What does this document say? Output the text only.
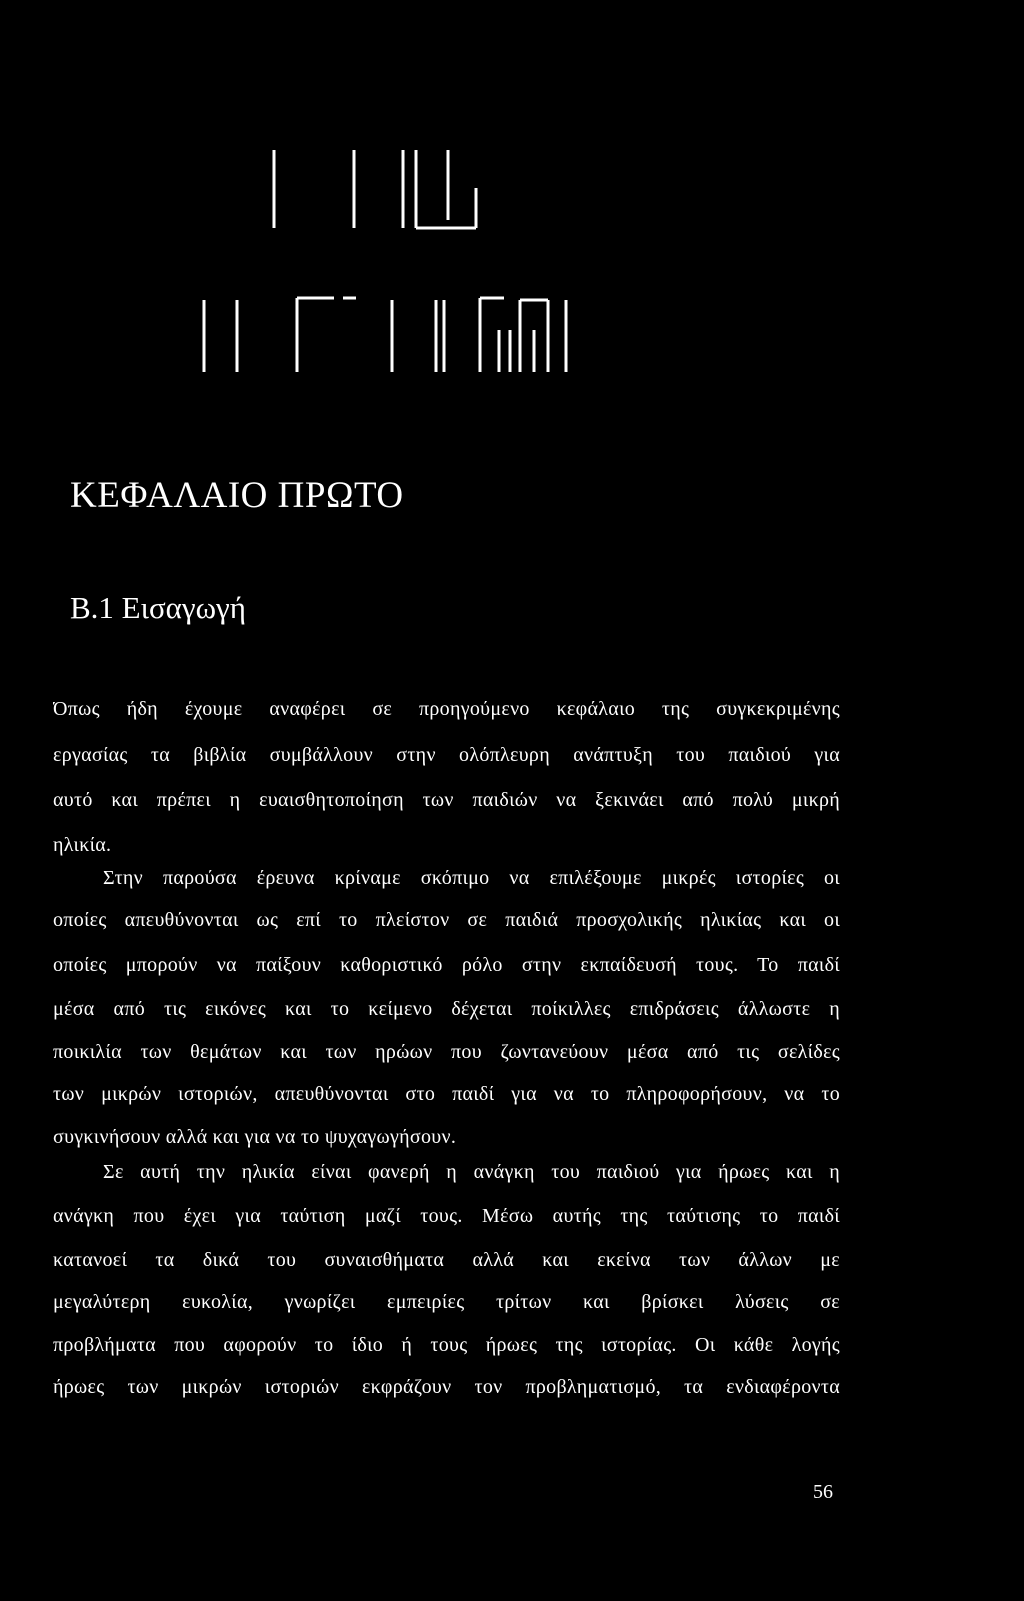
ΚΕΦΑΛΑΙΟ ΠΡΩΤΟ
Β.1 Εισαγωγή
Όπως ήδη έχουμε αναφέρει σε προηγούμενο κεφάλαιο της συγκεκριμένης
εργασίας τα βιβλία συμβάλλουν στην ολόπλευρη ανάπτυξη του παιδιού για
αυτό και πρέπει η ευαισθητοποίηση των παιδιών να ξεκινάει από πολύ μικρή
ηλικία.
Στην παρούσα έρευνα κρίναμε σκόπιμο να επιλέξουμε μικρές ιστορίες οι
οποίες απευθύνονται ως επί το πλείστον σε παιδιά προσχολικής ηλικίας και οι
οποίες μπορούν να παίξουν καθοριστικό ρόλο στην εκπαίδευσή τους. Το παιδί
μέσα από τις εικόνες και το κείμενο δέχεται ποίκιλλες επιδράσεις άλλωστε η
ποικιλία των θεμάτων και των ηρώων που ζωντανεύουν μέσα από τις σελίδες
των μικρών ιστοριών, απευθύνονται στο παιδί για να το πληροφορήσουν, να το
συγκινήσουν αλλά και για να το ψυχαγωγήσουν.
Σε αυτή την ηλικία είναι φανερή η ανάγκη του παιδιού για ήρωες και η
ανάγκη που έχει για ταύτιση μαζί τους. Μέσω αυτής της ταύτισης το παιδί
κατανοεί τα δικά του συναισθήματα αλλά και εκείνα των άλλων με
μεγαλύτερη ευκολία, γνωρίζει εμπειρίες τρίτων και βρίσκει λύσεις σε
προβλήματα που αφορούν το ίδιο ή τους ήρωες της ιστορίας. Οι κάθε λογής
ήρωες των μικρών ιστοριών εκφράζουν τον προβληματισμό, τα ενδιαφέροντα

56
